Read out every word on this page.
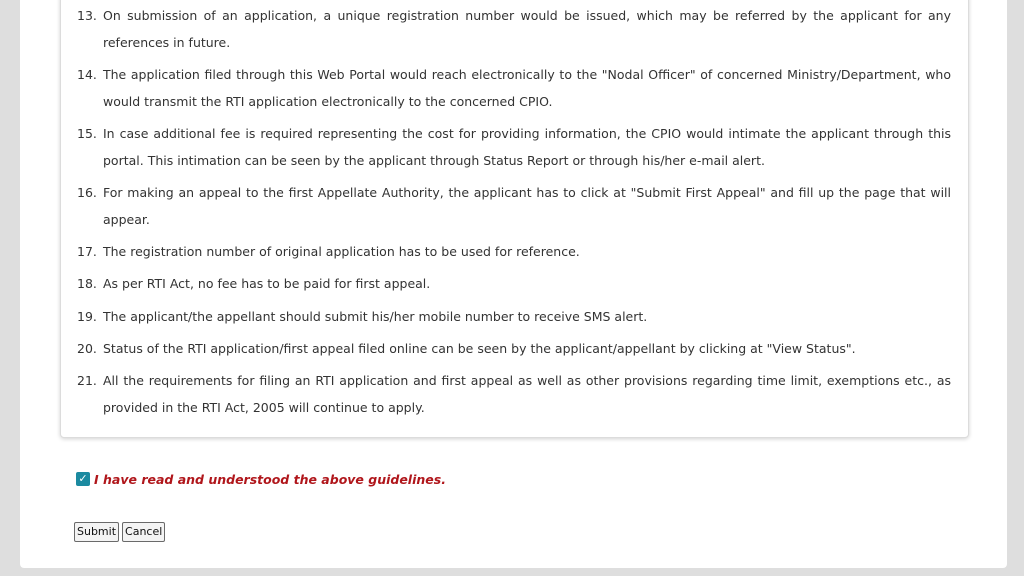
13. On submission of an application, a unique registration number would be issued, which may be referred by the applicant for any references in future.
14. The application filed through this Web Portal would reach electronically to the "Nodal Officer" of concerned Ministry/Department, who would transmit the RTI application electronically to the concerned CPIO.
15. In case additional fee is required representing the cost for providing information, the CPIO would intimate the applicant through this portal. This intimation can be seen by the applicant through Status Report or through his/her e-mail alert.
16. For making an appeal to the first Appellate Authority, the applicant has to click at "Submit First Appeal" and fill up the page that will appear.
17. The registration number of original application has to be used for reference.
18. As per RTI Act, no fee has to be paid for first appeal.
19. The applicant/the appellant should submit his/her mobile number to receive SMS alert.
20. Status of the RTI application/first appeal filed online can be seen by the applicant/appellant by clicking at "View Status".
21. All the requirements for filing an RTI application and first appeal as well as other provisions regarding time limit, exemptions etc., as provided in the RTI Act, 2005 will continue to apply.
✓ I have read and understood the above guidelines.
Submit Cancel
